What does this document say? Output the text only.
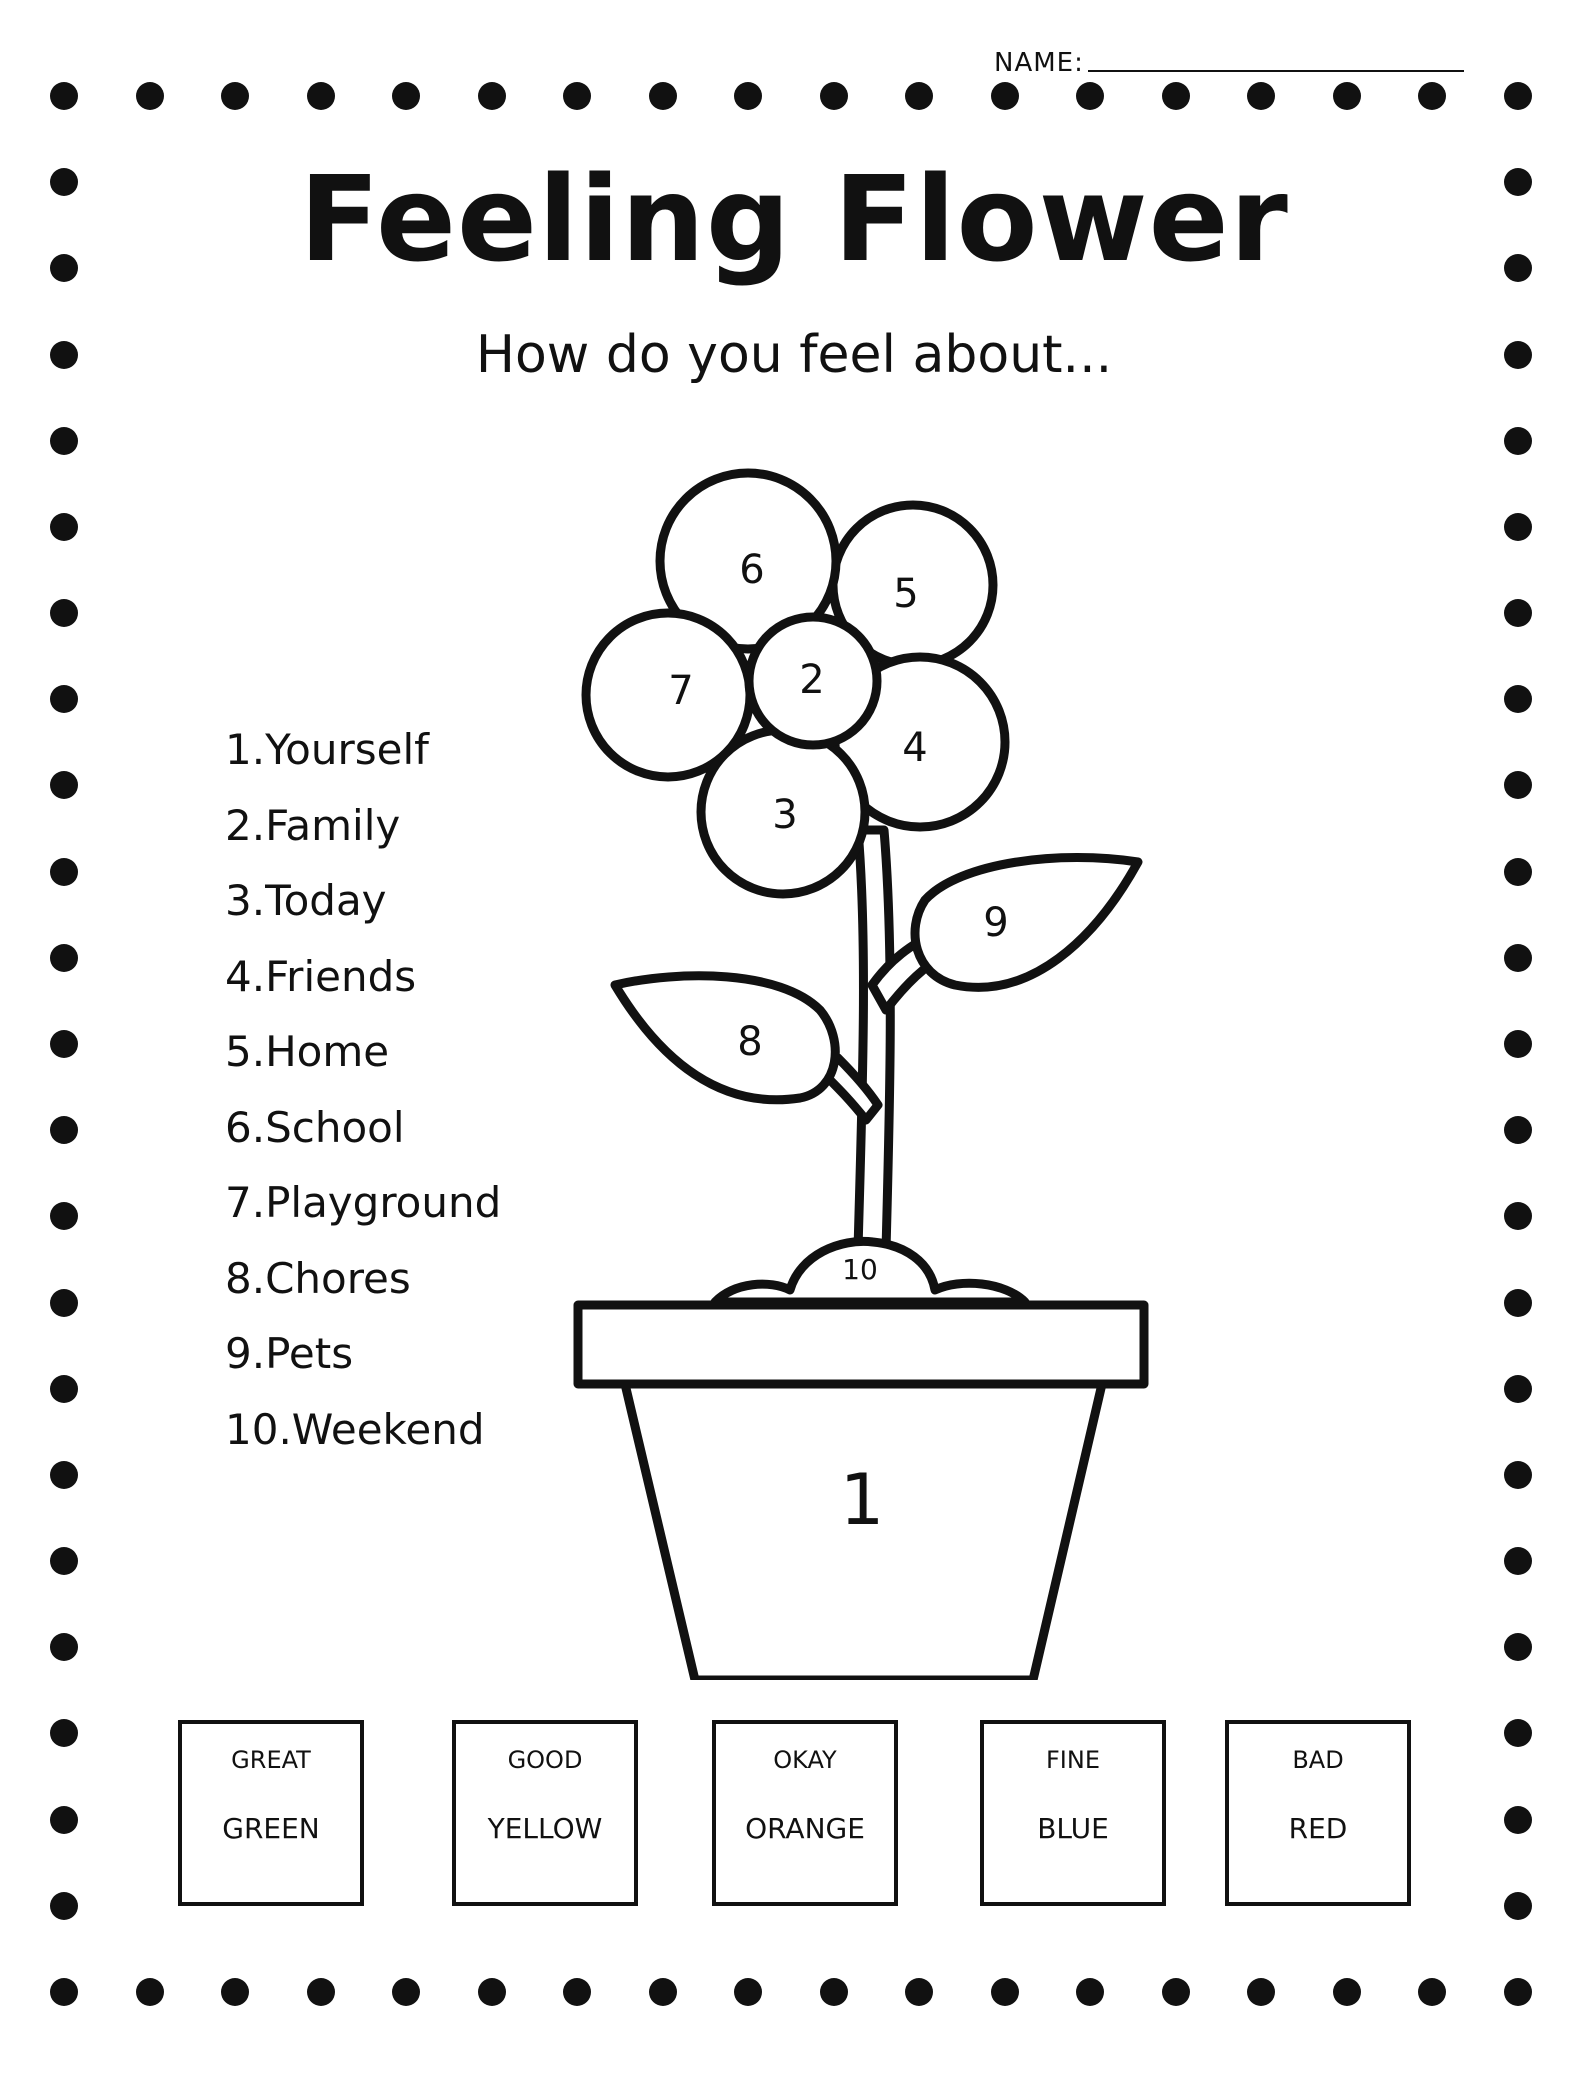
NAME:
Feeling Flower

How do you feel about...

1.Yourself
2.Family
3.Today
4.Friends
5.Home
6.School
7.Playground
8.Chores
9.Pets
10.Weekend
6
5
2
7
4
3
9
8
10
1
GREAT
GREEN
GOOD
YELLOW
OKAY
ORANGE
FINE
BLUE
BAD
RED
